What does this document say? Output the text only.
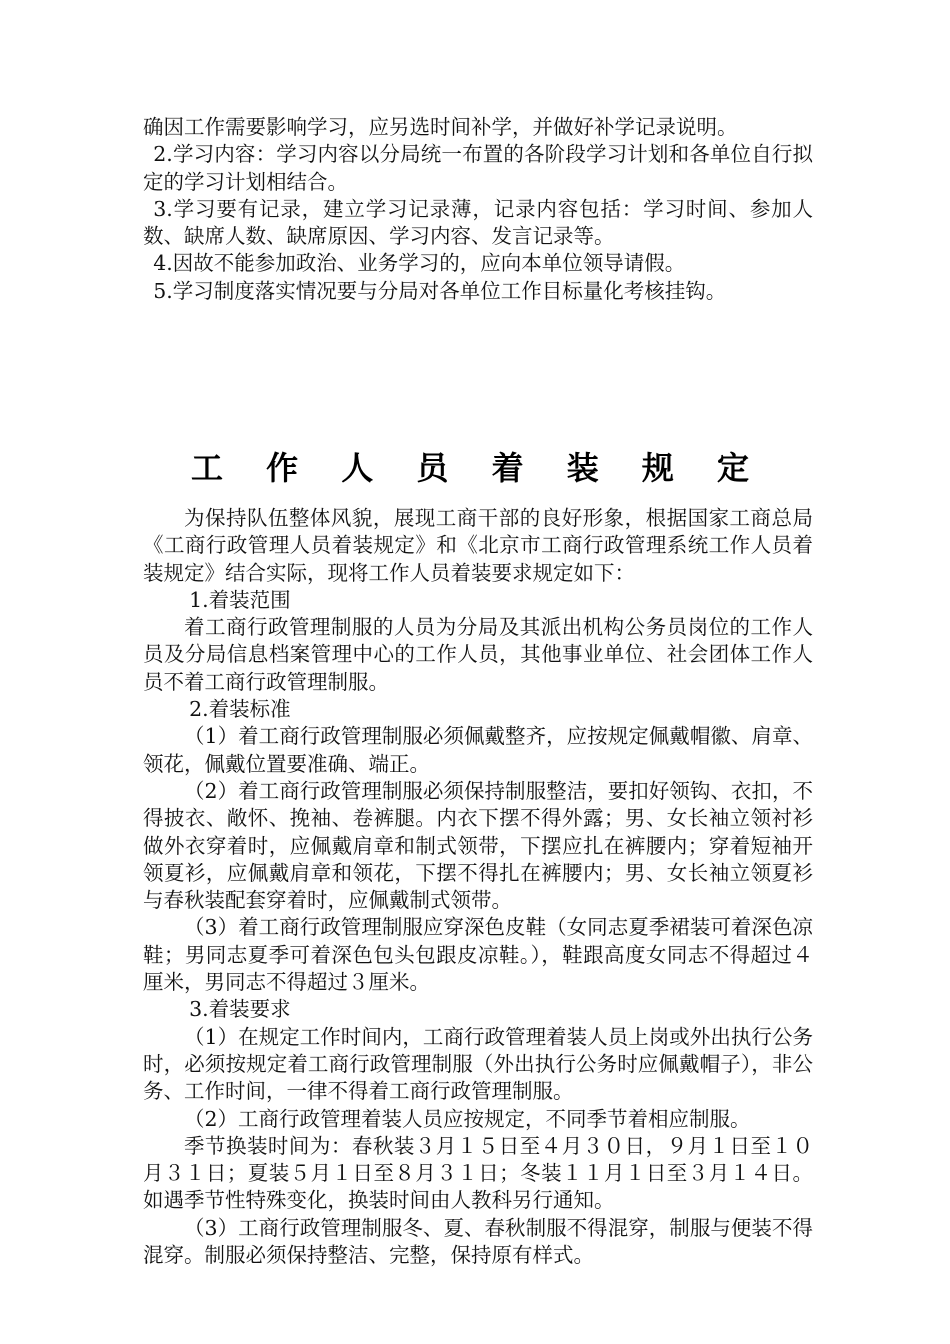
确因工作需要影响学习，应另选时间补学，并做好补学记录说明。

2.学习内容：学习内容以分局统一布置的各阶段学习计划和各单位自行拟定的学习计划相结合。

3.学习要有记录，建立学习记录薄，记录内容包括：学习时间、参加人数、缺席人数、缺席原因、学习内容、发言记录等。

4.因故不能参加政治、业务学习的，应向本单位领导请假。

5.学习制度落实情况要与分局对各单位工作目标量化考核挂钩。

工 作 人 员 着 装 规 定

为保持队伍整体风貌，展现工商干部的良好形象，根据国家工商总局《工商行政管理人员着装规定》和《北京市工商行政管理系统工作人员着装规定》结合实际，现将工作人员着装要求规定如下：

1.着装范围

着工商行政管理制服的人员为分局及其派出机构公务员岗位的工作人员及分局信息档案管理中心的工作人员，其他事业单位、社会团体工作人员不着工商行政管理制服。

2.着装标准

（1）着工商行政管理制服必须佩戴整齐，应按规定佩戴帽徽、肩章、领花，佩戴位置要准确、端正。

（2）着工商行政管理制服必须保持制服整洁，要扣好领钩、衣扣，不得披衣、敞怀、挽袖、卷裤腿。内衣下摆不得外露；男、女长袖立领衬衫做外衣穿着时，应佩戴肩章和制式领带，下摆应扎在裤腰内；穿着短袖开领夏衫，应佩戴肩章和领花，下摆不得扎在裤腰内；男、女长袖立领夏衫与春秋装配套穿着时，应佩戴制式领带。

（3）着工商行政管理制服应穿深色皮鞋（女同志夏季裙装可着深色凉鞋；男同志夏季可着深色包头包跟皮凉鞋。），鞋跟高度女同志不得超过４厘米，男同志不得超过３厘米。

3.着装要求

（1）在规定工作时间内，工商行政管理着装人员上岗或外出执行公务时，必须按规定着工商行政管理制服（外出执行公务时应佩戴帽子），非公务、工作时间，一律不得着工商行政管理制服。

（2）工商行政管理着装人员应按规定，不同季节着相应制服。

季节换装时间为：春秋装３月１５日至４月３０日，９月１日至１０月３１日；夏装５月１日至８月３１日；冬装１１月１日至３月１４日。如遇季节性特殊变化，换装时间由人教科另行通知。

（3）工商行政管理制服冬、夏、春秋制服不得混穿，制服与便装不得混穿。制服必须保持整洁、完整，保持原有样式。
